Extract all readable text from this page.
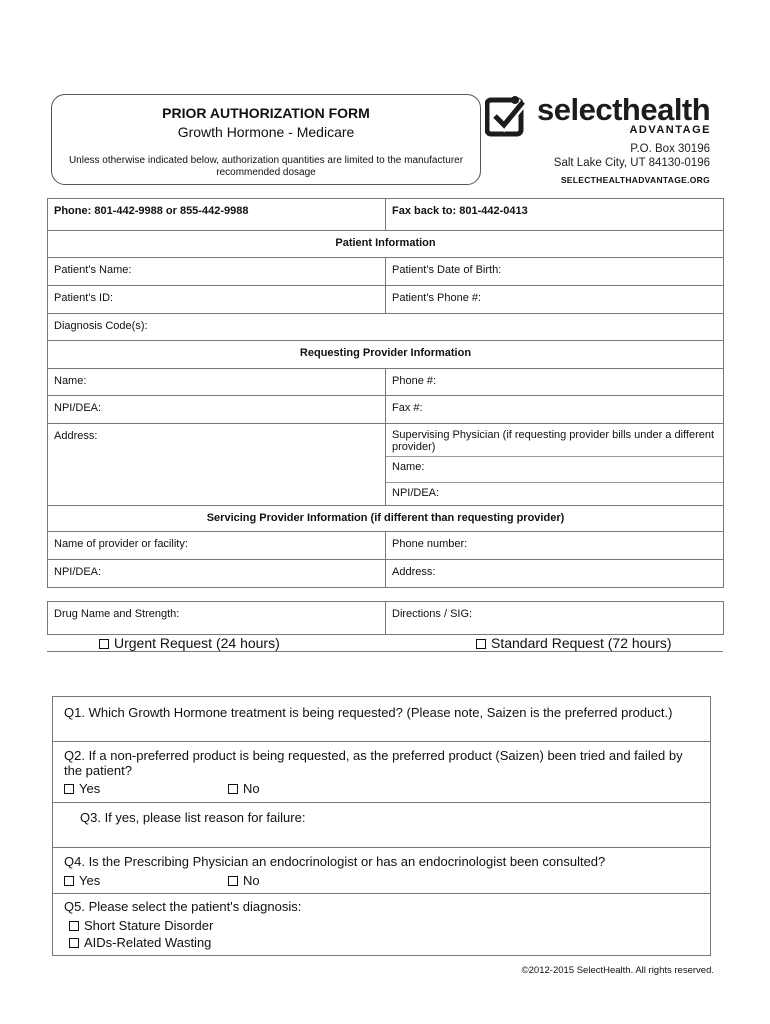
PRIOR AUTHORIZATION FORM
Growth Hormone - Medicare
Unless otherwise indicated below, authorization quantities are limited to the manufacturer recommended dosage
selecthealth
ADVANTAGE
P.O. Box 30196
Salt Lake City, UT 84130-0196
SELECTHEALTHADVANTAGE.ORG
Phone: 801-442-9988 or 855-442-9988	Fax back to: 801-442-0413
Patient Information	
Patient’s Name:	Patient’s Date of Birth:
Patient’s ID:	Patient’s Phone #:
Diagnosis Code(s):	
Requesting Provider Information	
Name:	Phone #:
NPI/DEA:	Fax #:
Address:	Supervising Physician (if requesting provider bills under a different provider)
Name:
NPI/DEA:

Servicing Provider Information (if different than requesting provider)	
Name of provider or facility:	Phone number:
NPI/DEA:	Address:
Drug Name and Strength:	Directions / SIG:
Urgent Request (24 hours)	Standard Request (72 hours)
Q1. Which Growth Hormone treatment is being requested? (Please note, Saizen is the preferred product.)
Q2. If a non-preferred product is being requested, as the preferred product (Saizen) been tried and failed by the patient?
Yes	No
Q3. If yes, please list reason for failure:
Q4. Is the Prescribing Physician an endocrinologist or has an endocrinologist been consulted?
Yes	No
Q5. Please select the patient's diagnosis:
Short Stature Disorder
AIDs-Related Wasting
©2012-2015 SelectHealth. All rights reserved.
